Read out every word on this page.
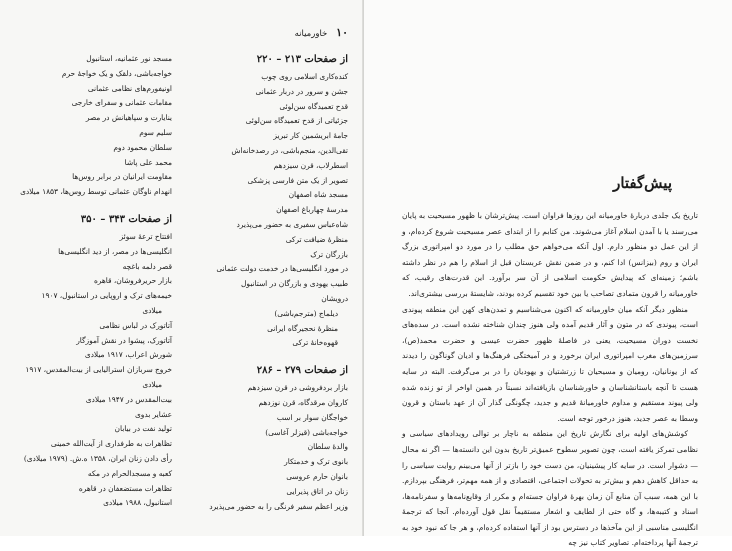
۱۰ خاورمیانه
از صفحات ۲۱۳ – ۲۲۰
کنده‌کاری اسلامی روی چوب
جشن و سرور در دربار عثمانی
قدح تعمیدگاه سن‌لوئی
جزئیاتی از قدح تعمیدگاه سن‌لوئی
جامهٔ ابریشمین کار تبریز
تقی‌الدین، منجم‌باشی، در رصدخانه‌اش
اسطرلاب، قرن سیزدهم
تصویر از یک متن فارسی پزشکی
مسجد شاه اصفهان
مدرسهٔ چهارباغ اصفهان
شاه‌عباس سفیری به حضور می‌پذیرد
منظرهٔ ضیافت ترکی
بازرگان ترک
در مورد انگلیسی‌ها در خدمت دولت عثمانی
طبیب یهودی و بازرگان در استانبول
درویشان
دیلماج (مترجم‌باشی)
منظرهٔ نحجیرگاه ایرانی
قهوه‌خانهٔ ترکی
از صفحات ۲۷۹ – ۲۸۶
بازار بردفروشی در قرن سیزدهم
کاروان مرقدگاه، قرن نوزدهم
خواجگان سوار بر اسب
خواجه‌باشی (قیزلر آغاسی)
والدهٔ سلطان
بانوی ترک و خدمتکار
بانوان حارم عروسی
زنان در اتاق پذیرایی
وزیر اعظم سفیر فرنگی را به حضور می‌پذیرد
مسجد نور عثمانیه، استانبول
خواجه‌باشی، دلقک و یک خواجهٔ حرم
اونیفورم‌های نظامی عثمانی
مقامات عثمانی و سفرای خارجی
ینایارت و سپاهیانش در مصر
سلیم سوم
سلطان محمود دوم
محمد علی پاشا
مقاومت ایرانیان در برابر روس‌ها
انهدام ناوگان عثمانی توسط روس‌ها، ۱۸۵۳ میلادی
از صفحات ۳۴۳ – ۳۵۰
افتتاح ترعهٔ سوئز
انگلیسی‌ها در مصر، از دید انگلیسی‌ها
قصر دلمه باغچه
بازار حریرفروشان، قاهره
خیمه‌های ترک و اروپایی در استانبول، ۱۹۰۷
میلادی
آتاتورک در لباس نظامی
آتاتورک، پیشوا در نقش آموزگار
شورش اعراب، ۱۹۱۷ میلادی
خروج سربازان استرالیایی از بیت‌المقدس، ۱۹۱۷
میلادی
بیت‌المقدس در ۱۹۴۷ میلادی
عشایر بدوی
تولید نفت در بیابان
تظاهرات به طرفداری از آیت‌الله خمینی
رأی دادن زنان ایران، ۱۳۵۸ ه.ش. (۱۹۷۹ میلادی)
کعبه و مسجدالحرام در مکه
تظاهرات مستضعفان در قاهره
استانبول، ۱۹۸۸ میلادی
پیش‌گفتار

تاریخ یک جلدی دربارهٔ خاورمیانه این روزها فراوان است. پیش‌ترشان با ظهور مسیحیت به پایان می‌رسند یا با آمدن اسلام آغاز می‌شوند. من کتابم را از ابتدای عصر مسیحیت شروع کرده‌ام، و از این عمل دو منظور دارم. اول آنکه می‌خواهم حق مطلب را در مورد دو امپراتوری بزرگ ایران و روم (بیزانس) ادا کنم، و در ضمن نقش عربستان قبل از اسلام را هم در نظر داشته باشم؛ زمینه‌ای که پیدایش حکومت اسلامی از آن سر برآورد. این قدرت‌های رقیب، که خاورمیانه را قرون متمادی تصاحب یا بین خود تقسیم کرده بودند، شایستهٔ بررسی بیشتری‌اند.

منظور دیگر آنکه میان خاورمیانه که اکنون می‌شناسیم و تمدن‌های کهن این منطقه پیوندی است، پیوندی که در متون و آثار قدیم آمده ولی هنوز چندان شناخته نشده است. در سده‌های نخست دوران مسیحیت، یعنی در فاصلهٔ ظهور حضرت عیسی و حضرت محمد(ص)، سرزمین‌های مغرب امپراتوری ایران برخورد و در آمیختگی فرهنگ‌ها و ادیان گوناگون را دیدند که از یونانیان، رومیان و مسیحیان تا زرتشتیان و یهودیان را در بر می‌گرفت. البته در سایه هست تا آنچه باستانشناسان و خاورشناسان بازیافته‌اند نسبتاً در همین اواخر از تو زنده شده ولی پیوند مستقیم و مداوم خاورمیانهٔ قدیم و جدید، چگونگی گذار آن از عهد باستان و قرون وسطا به عصر جدید، هنوز درخور توجه است.

کوشش‌های اولیه برای نگارش تاریخ این منطقه به ناچار بر توالی رویدادهای سیاسی و نظامی تمرکز یافته است، چون تصویر سطوح عمیق‌تر تاریخ بدون این دانسته‌ها — اگر نه محال — دشوار است. در سایه کار پیشینیان، من دست خود را بازتر از آنها می‌بینم روایت سیاسی را به حداقل کاهش دهم و بیش‌تر به تحولات اجتماعی، اقتصادی و از همه مهم‌تر، فرهنگی بپردازم. با این همه، سبب آن منابع آن زمان بهرهٔ فراوان جسته‌ام و مکرر از وقایع‌نامه‌ها و سفرنامه‌ها، اسناد و کتیبه‌ها، و گاه حتی از لطایف و اشعار مستقیماً نقل قول آورده‌ام. آنجا که ترجمهٔ انگلیسی مناسبی از این مآخذها در دسترس بود از آنها استفاده کرده‌ام، و هر جا که نبود خود به ترجمهٔ آنها پرداخته‌ام. تصاویر کتاب نیز چه
